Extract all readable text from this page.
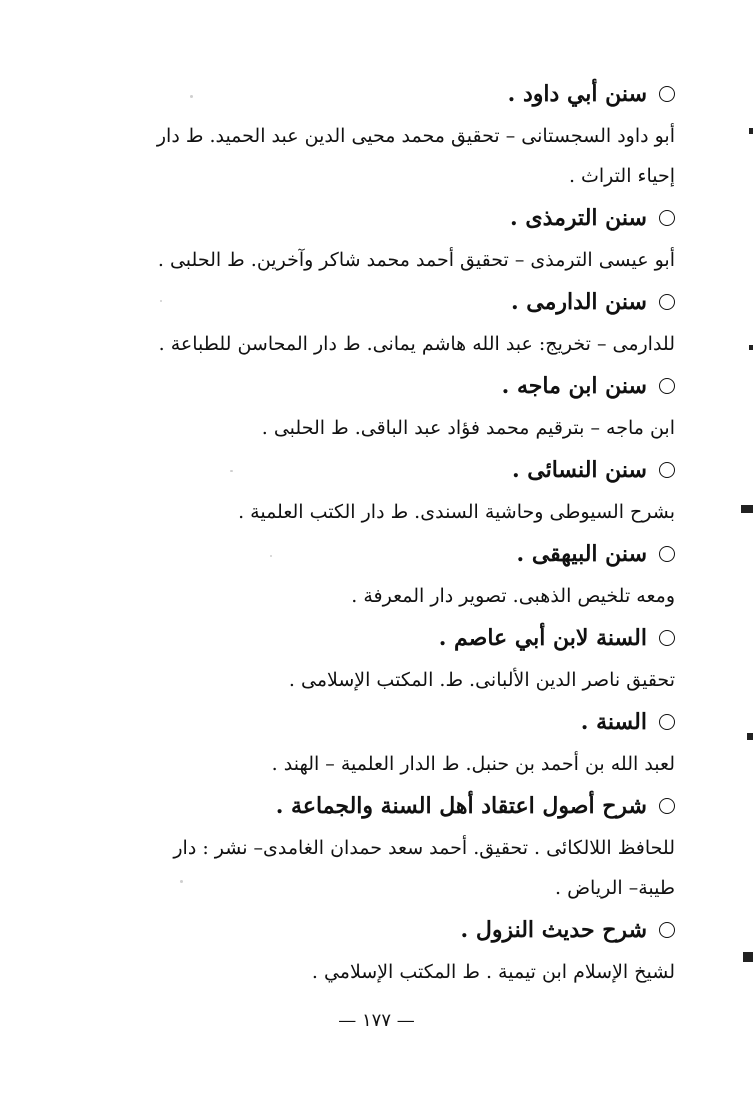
سنن أبي داود .
أبو داود السجستانى – تحقيق محمد محيى الدين عبد الحميد. ط دار
إحياء التراث .
سنن الترمذى .
أبو عيسى الترمذى – تحقيق أحمد محمد شاكر وآخرين. ط الحلبى .
سنن الدارمى .
للدارمى – تخريج: عبد الله هاشم يمانى. ط دار المحاسن للطباعة .
سنن ابن ماجه .
ابن ماجه – بترقيم محمد فؤاد عبد الباقى. ط الحلبى .
سنن النسائى .
بشرح السيوطى وحاشية السندى. ط دار الكتب العلمية .
سنن البيهقى .
ومعه تلخيص الذهبى. تصوير دار المعرفة .
السنة لابن أبي عاصم .
تحقيق ناصر الدين الألبانى. ط. المكتب الإسلامى .
السنة .
لعبد الله بن أحمد بن حنبل. ط الدار العلمية – الهند .
شرح أصول اعتقاد أهل السنة والجماعة .
للحافظ اللالكائى . تحقيق. أحمد سعد حمدان الغامدى– نشر : دار
طيبة– الرياض .
شرح حديث النزول .
لشيخ الإسلام ابن تيمية . ط المكتب الإسلامي .
— ١٧٧ —
